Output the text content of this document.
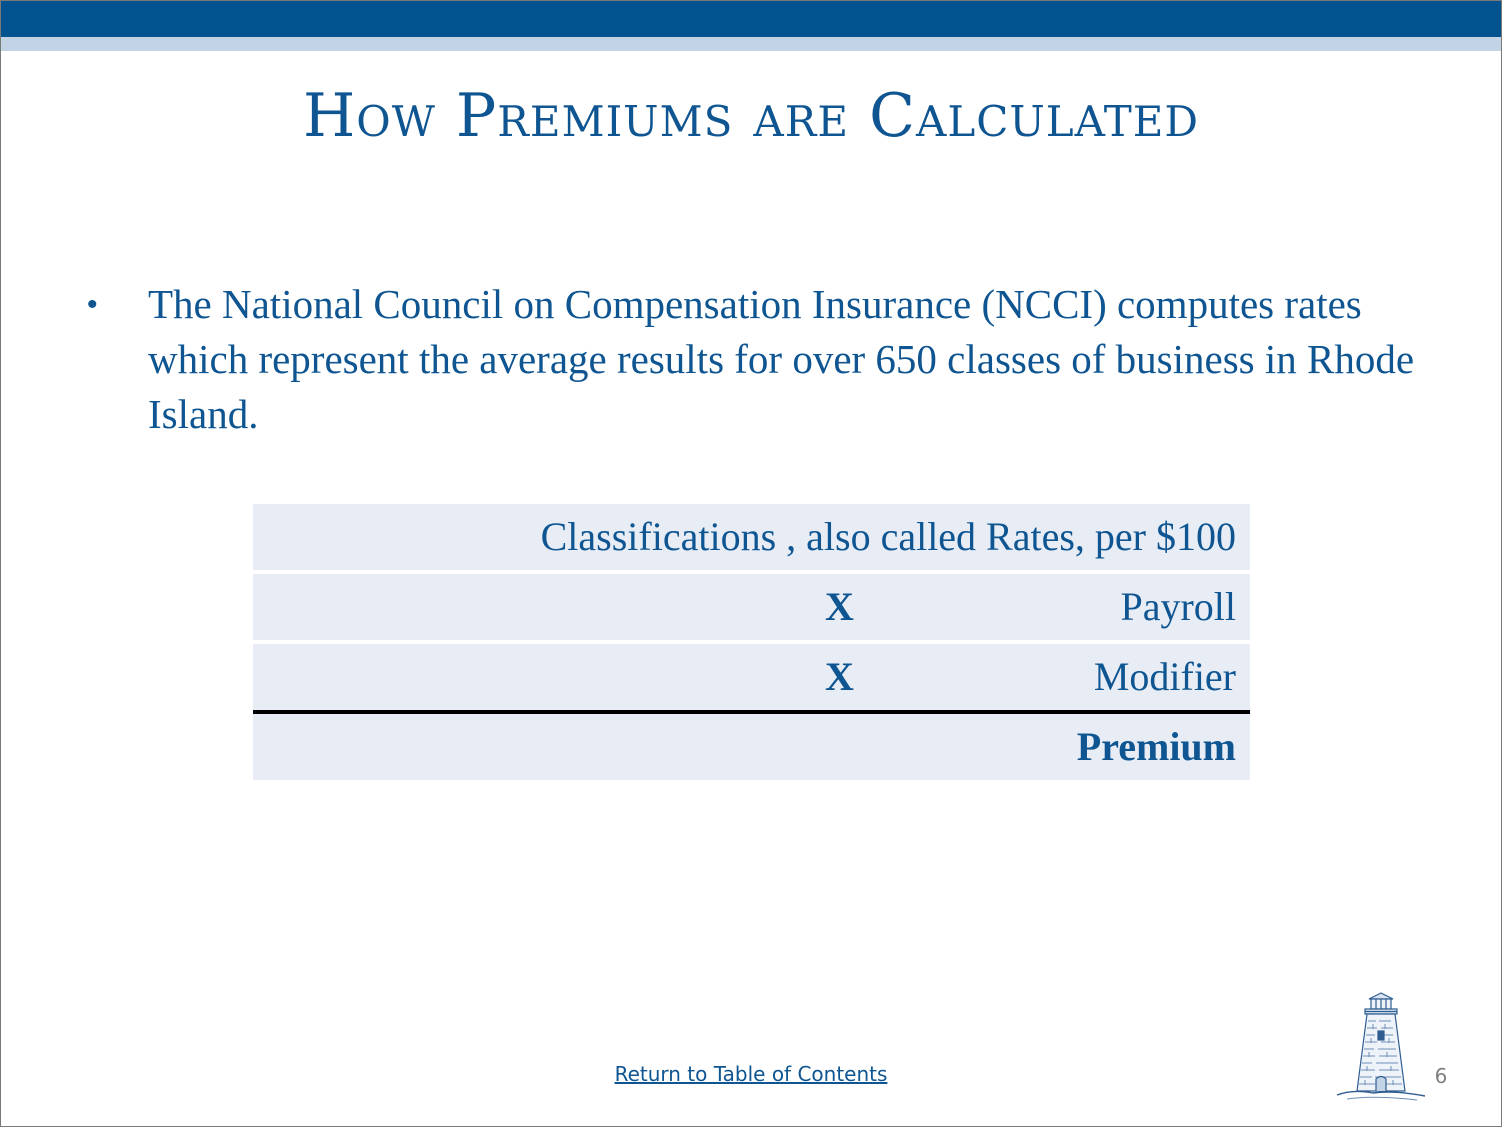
How Premiums are Calculated
• The National Council on Compensation Insurance (NCCI) computes rates which represent the average results for over 650 classes of business in Rhode Island.

Classifications , also called Rates, per $100
X	Payroll
X	Modifier
Premium
Return to Table of Contents	6
